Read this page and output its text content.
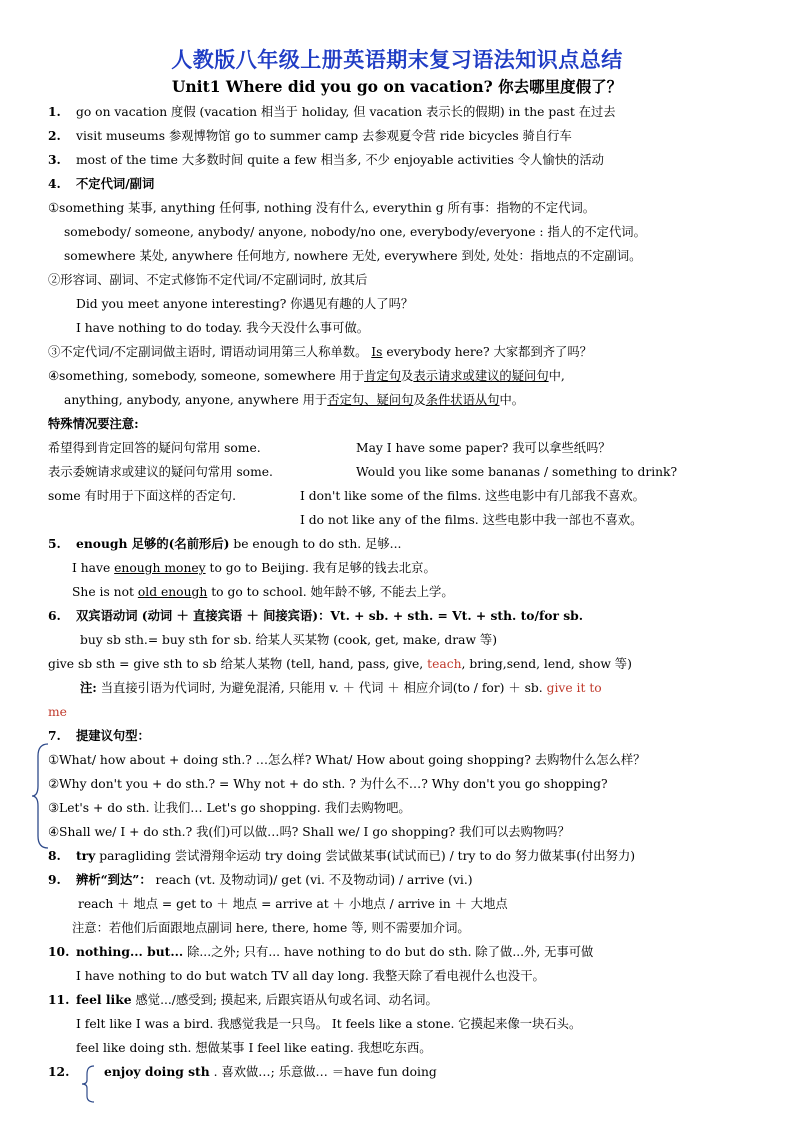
人教版八年级上册英语期末复习语法知识点总结
Unit1 Where did you go on vacation? 你去哪里度假了？
1. go on vacation 度假 (vacation 相当于 holiday, 但 vacation 表示长的假期) in the past 在过去
2. visit museums 参观博物馆 go to summer camp 去参观夏令营 ride bicycles 骑自行车
3. most of the time 大多数时间 quite a few 相当多, 不少 enjoyable activities 令人愉快的活动
4. 不定代词/副词
①something 某事, anything 任何事, nothing 没有什么, everythin g 所有事：指物的不定代词。
somebody/ someone, anybody/ anyone, nobody/no one, everybody/everyone : 指人的不定代词。
somewhere 某处, anywhere 任何地方, nowhere 无处, everywhere 到处, 处处：指地点的不定副词。
②形容词、副词、不定式修饰不定代词/不定副词时, 放其后
Did you meet anyone interesting? 你遇见有趣的人了吗？
I have nothing to do today. 我今天没什么事可做。
③不定代词/不定副词做主语时, 谓语动词用第三人称单数。 Is everybody here? 大家都到齐了吗？
④something, somebody, someone, somewhere 用于肯定句及表示请求或建议的疑问句中,
anything, anybody, anyone, anywhere 用于否定句、疑问句及条件状语从句中。
特殊情况要注意:
希望得到肯定回答的疑问句常用 some.	May I have some paper? 我可以拿些纸吗？
表示委婉请求或建议的疑问句常用 some.	Would you like some bananas / something to drink?
some 有时用于下面这样的否定句.	I don't like some of the films. 这些电影中有几部我不喜欢。
I do not like any of the films. 这些电影中我一部也不喜欢。
5. enough 足够的(名前形后) be enough to do sth. 足够...
I have enough money to go to Beijing. 我有足够的钱去北京。
She is not old enough to go to school. 她年龄不够, 不能去上学。
6. 双宾语动词 (动词 ＋ 直接宾语 ＋ 间接宾语)：Vt. + sb. + sth. = Vt. + sth. to/for sb.
buy sb sth.= buy sth for sb. 给某人买某物 (cook, get, make, draw 等)
give sb sth = give sth to sb 给某人某物 (tell, hand, pass, give, teach, bring,send, lend, show 等)
注: 当直接引语为代词时, 为避免混淆, 只能用 v. ＋ 代词 ＋ 相应介词(to / for) ＋ sb. give it to
me
7. 提建议句型：
①What/ how about + doing sth.? …怎么样? What/ How about going shopping? 去购物什么怎么样？
②Why don't you + do sth.? = Why not + do sth. ? 为什么不…? Why don't you go shopping?
③Let's + do sth. 让我们… Let's go shopping. 我们去购物吧。
④Shall we/ I + do sth.? 我(们)可以做…吗? Shall we/ I go shopping? 我们可以去购物吗？
8. try paragliding 尝试滑翔伞运动 try doing 尝试做某事(试试而已) / try to do 努力做某事(付出努力)
9. 辨析“到达”： reach (vt. 及物动词)/ get (vi. 不及物动词) / arrive (vi.)
reach ＋ 地点 = get to ＋ 地点 = arrive at ＋ 小地点 / arrive in ＋ 大地点
注意：若他们后面跟地点副词 here, there, home 等, 则不需要加介词。
10. nothing... but... 除...之外; 只有... have nothing to do but do sth. 除了做...外, 无事可做
I have nothing to do but watch TV all day long. 我整天除了看电视什么也没干。
11. feel like 感觉.../感受到; 摸起来, 后跟宾语从句或名词、动名词。
I felt like I was a bird. 我感觉我是一只鸟。 It feels like a stone. 它摸起来像一块石头。
feel like doing sth. 想做某事 I feel like eating. 我想吃东西。
12.	enjoy doing sth . 喜欢做…; 乐意做… ＝have fun doing
